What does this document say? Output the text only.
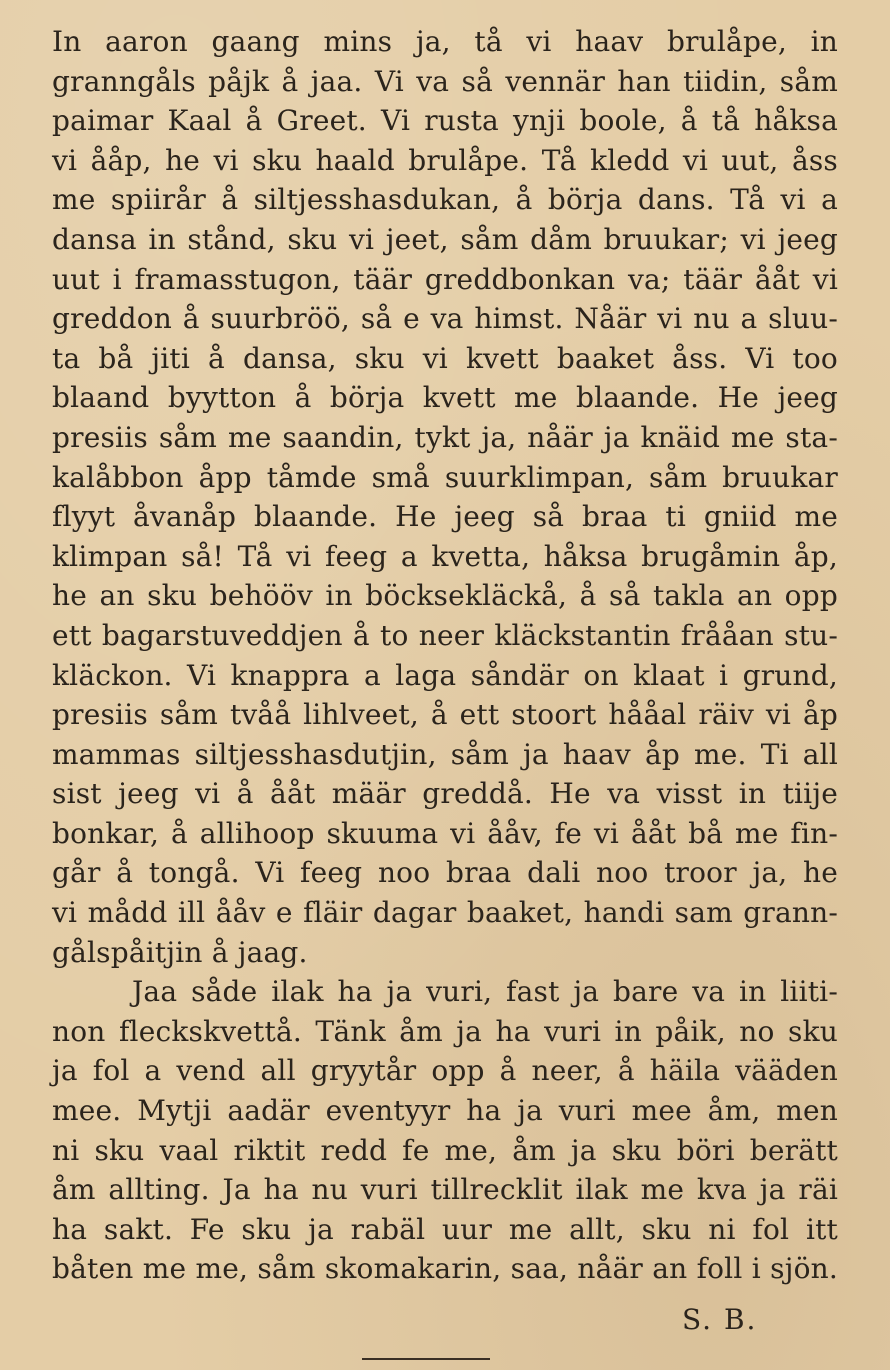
In aaron gaang mins ja, tå vi haav brulåpe, in
granngåls påjk å jaa. Vi va så vennär han tiidin, såm
paimar Kaal å Greet. Vi rusta ynji boole, å tå håksa
vi ååp, he vi sku haald brulåpe. Tå kledd vi uut, åss
me spiirår å siltjesshasdukan, å börja dans. Tå vi a
dansa in stånd, sku vi jeet, såm dåm bruukar; vi jeeg
uut i framasstugon, täär greddbonkan va; täär ååt vi
greddon å suurbröö, så e va himst. Nåär vi nu a sluu-
ta bå jiti å dansa, sku vi kvett baaket åss. Vi too
blaand byytton å börja kvett me blaande. He jeeg
presiis såm me saandin, tykt ja, nåär ja knäid me sta-
kalåbbon åpp tåmde små suurklimpan, såm bruukar
flyyt åvanåp blaande. He jeeg så braa ti gniid me
klimpan så! Tå vi feeg a kvetta, håksa brugåmin åp,
he an sku behööv in böcksekläckå, å så takla an opp
ett bagarstuveddjen å to neer kläckstantin frååan stu-
kläckon. Vi knappra a laga såndär on klaat i grund,
presiis såm tvåå lihlveet, å ett stoort hååal räiv vi åp
mammas siltjesshasdutjin, såm ja haav åp me. Ti all
sist jeeg vi å ååt määr greddå. He va visst in tiije
bonkar, å allihoop skuuma vi ååv, fe vi ååt bå me fin-
går å tongå. Vi feeg noo braa dali noo troor ja, he
vi mådd ill ååv e fläir dagar baaket, handi sam grann-
gålspåitjin å jaag.
Jaa såde ilak ha ja vuri, fast ja bare va in liiti-
non fleckskvettå. Tänk åm ja ha vuri in påik, no sku
ja fol a vend all gryytår opp å neer, å häila vääden
mee. Mytji aadär eventyyr ha ja vuri mee åm, men
ni sku vaal riktit redd fe me, åm ja sku böri berätt
åm allting. Ja ha nu vuri tillrecklit ilak me kva ja räi
ha sakt. Fe sku ja rabäl uur me allt, sku ni fol itt
båten me me, såm skomakarin, saa, nåär an foll i sjön.
S. B.
